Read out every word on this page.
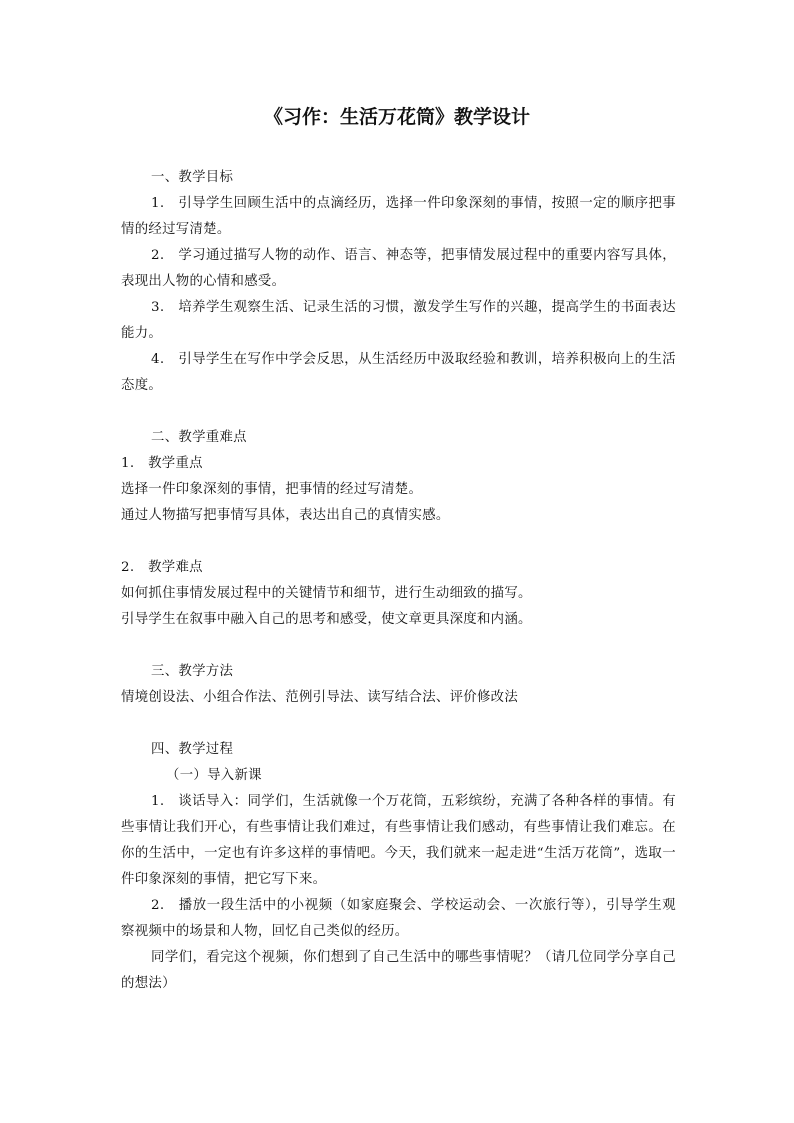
《习作：生活万花筒》教学设计

一、教学目标

1.　引导学生回顾生活中的点滴经历，选择一件印象深刻的事情，按照一定的顺序把事情的经过写清楚。

2.　学习通过描写人物的动作、语言、神态等，把事情发展过程中的重要内容写具体，表现出人物的心情和感受。

3.　培养学生观察生活、记录生活的习惯，激发学生写作的兴趣，提高学生的书面表达能力。

4.　引导学生在写作中学会反思，从生活经历中汲取经验和教训，培养积极向上的生活态度。

二、教学重难点

1.　教学重点

选择一件印象深刻的事情，把事情的经过写清楚。

通过人物描写把事情写具体，表达出自己的真情实感。

2.　教学难点

如何抓住事情发展过程中的关键情节和细节，进行生动细致的描写。

引导学生在叙事中融入自己的思考和感受，使文章更具深度和内涵。

三、教学方法

情境创设法、小组合作法、范例引导法、读写结合法、评价修改法

四、教学过程

（一）导入新课

1.　谈话导入：同学们，生活就像一个万花筒，五彩缤纷，充满了各种各样的事情。有些事情让我们开心，有些事情让我们难过，有些事情让我们感动，有些事情让我们难忘。在你的生活中，一定也有许多这样的事情吧。今天，我们就来一起走进“生活万花筒”，选取一件印象深刻的事情，把它写下来。

2.　播放一段生活中的小视频（如家庭聚会、学校运动会、一次旅行等），引导学生观察视频中的场景和人物，回忆自己类似的经历。

同学们，看完这个视频，你们想到了自己生活中的哪些事情呢？（请几位同学分享自己的想法）
